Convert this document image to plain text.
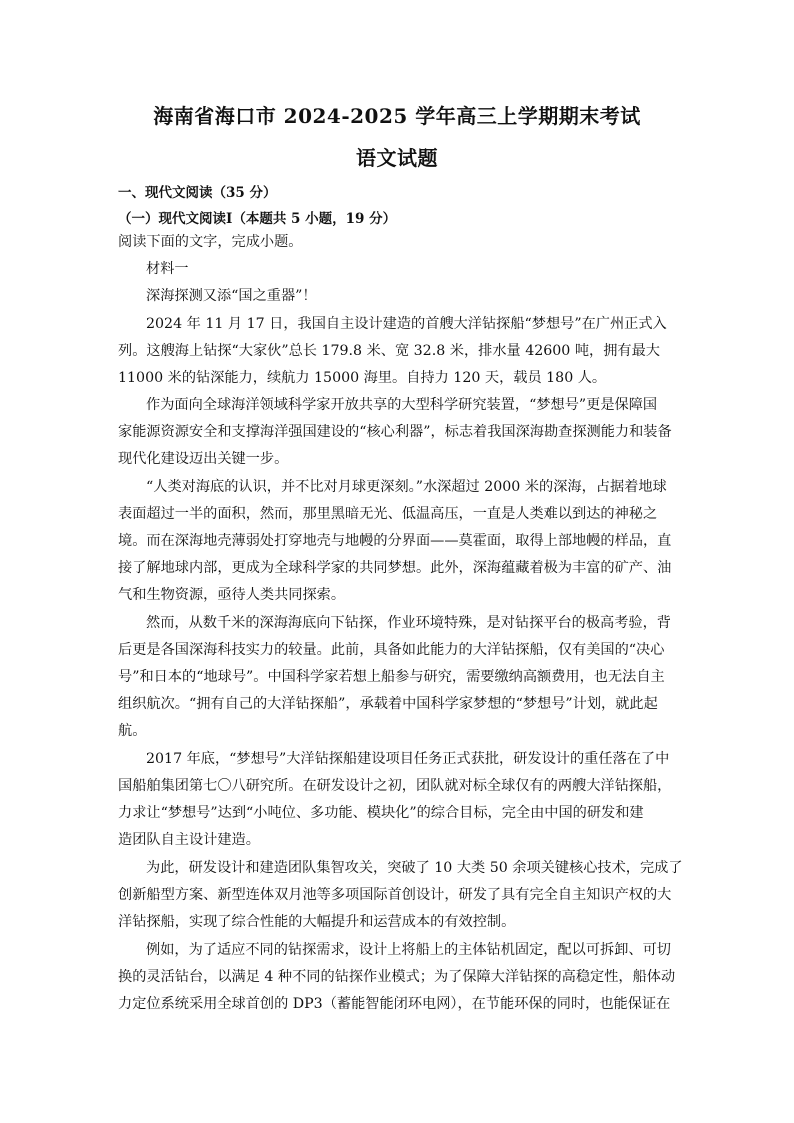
海南省海口市 2024-2025 学年高三上学期期末考试
语文试题
一、现代文阅读（35 分）
（一）现代文阅读Ⅰ（本题共 5 小题，19 分）
阅读下面的文字，完成小题。
材料一
深海探测又添“国之重器”！
2024 年 11 月 17 日，我国自主设计建造的首艘大洋钻探船“梦想号”在广州正式入
列。这艘海上钻探“大家伙”总长 179.8 米、宽 32.8 米，排水量 42600 吨，拥有最大
11000 米的钻深能力，续航力 15000 海里。自持力 120 天，载员 180 人。
作为面向全球海洋领域科学家开放共享的大型科学研究装置，“梦想号”更是保障国
家能源资源安全和支撑海洋强国建设的“核心利器”，标志着我国深海勘查探测能力和装备
现代化建设迈出关键一步。
“人类对海底的认识，并不比对月球更深刻。”水深超过 2000 米的深海，占据着地球
表面超过一半的面积，然而，那里黑暗无光、低温高压，一直是人类难以到达的神秘之
境。而在深海地壳薄弱处打穿地壳与地幔的分界面——莫霍面，取得上部地幔的样品，直
接了解地球内部，更成为全球科学家的共同梦想。此外，深海蕴藏着极为丰富的矿产、油
气和生物资源，亟待人类共同探索。
然而，从数千米的深海海底向下钻探，作业环境特殊，是对钻探平台的极高考验，背
后更是各国深海科技实力的较量。此前，具备如此能力的大洋钻探船，仅有美国的“决心
号”和日本的“地球号”。中国科学家若想上船参与研究，需要缴纳高额费用，也无法自主
组织航次。“拥有自己的大洋钻探船”，承载着中国科学家梦想的“梦想号”计划，就此起
航。
2017 年底，“梦想号”大洋钻探船建设项目任务正式获批，研发设计的重任落在了中
国船舶集团第七〇八研究所。在研发设计之初，团队就对标全球仅有的两艘大洋钻探船，
力求让“梦想号”达到“小吨位、多功能、模块化”的综合目标，完全由中国的研发和建
造团队自主设计建造。
为此，研发设计和建造团队集智攻关，突破了 10 大类 50 余项关键核心技术，完成了
创新船型方案、新型连体双月池等多项国际首创设计，研发了具有完全自主知识产权的大
洋钻探船，实现了综合性能的大幅提升和运营成本的有效控制。
例如，为了适应不同的钻探需求，设计上将船上的主体钻机固定，配以可拆卸、可切
换的灵活钻台，以满足 4 种不同的钻探作业模式；为了保障大洋钻探的高稳定性，船体动
力定位系统采用全球首创的 DP3（蓄能智能闭环电网），在节能环保的同时，也能保证在
